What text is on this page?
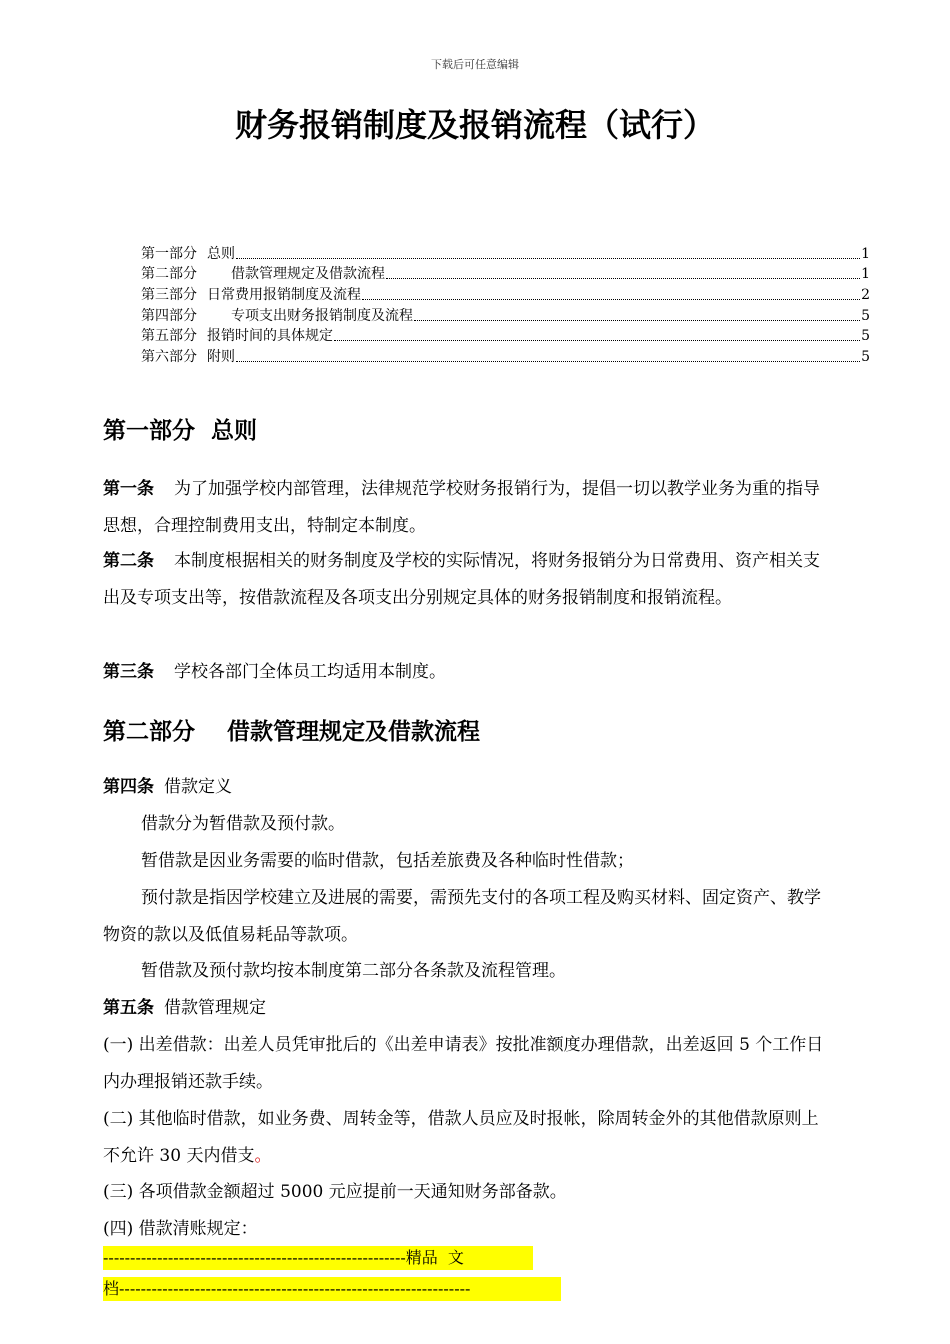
下载后可任意编辑
财务报销制度及报销流程（试行）
第一部分 总则	1
第二部分 借款管理规定及借款流程	1
第三部分 日常费用报销制度及流程	2
第四部分 专项支出财务报销制度及流程	5
第五部分 报销时间的具体规定	5
第六部分 附则	5
第一部分  总则
第一条 为了加强学校内部管理，法律规范学校财务报销行为，提倡一切以教学业务为重的指导思想，合理控制费用支出，特制定本制度。
第二条 本制度根据相关的财务制度及学校的实际情况，将财务报销分为日常费用、资产相关支出及专项支出等，按借款流程及各项支出分别规定具体的财务报销制度和报销流程。
第三条 学校各部门全体员工均适用本制度。
第二部分    借款管理规定及借款流程
第四条 借款定义
借款分为暂借款及预付款。
暂借款是因业务需要的临时借款，包括差旅费及各种临时性借款；
预付款是指因学校建立及进展的需要，需预先支付的各项工程及购买材料、固定资产、教学物资的款以及低值易耗品等款项。
暂借款及预付款均按本制度第二部分各条款及流程管理。
第五条 借款管理规定
(一) 出差借款：出差人员凭审批后的《出差申请表》按批准额度办理借款，出差返回 5 个工作日内办理报销还款手续。
(二) 其他临时借款，如业务费、周转金等，借款人员应及时报帐，除周转金外的其他借款原则上不允许 30 天内借支。
(三) 各项借款金额超过 5000 元应提前一天通知财务部备款。
(四) 借款清账规定：
--------------------------------------------------------精品  文
档-----------------------------------------------------------------
